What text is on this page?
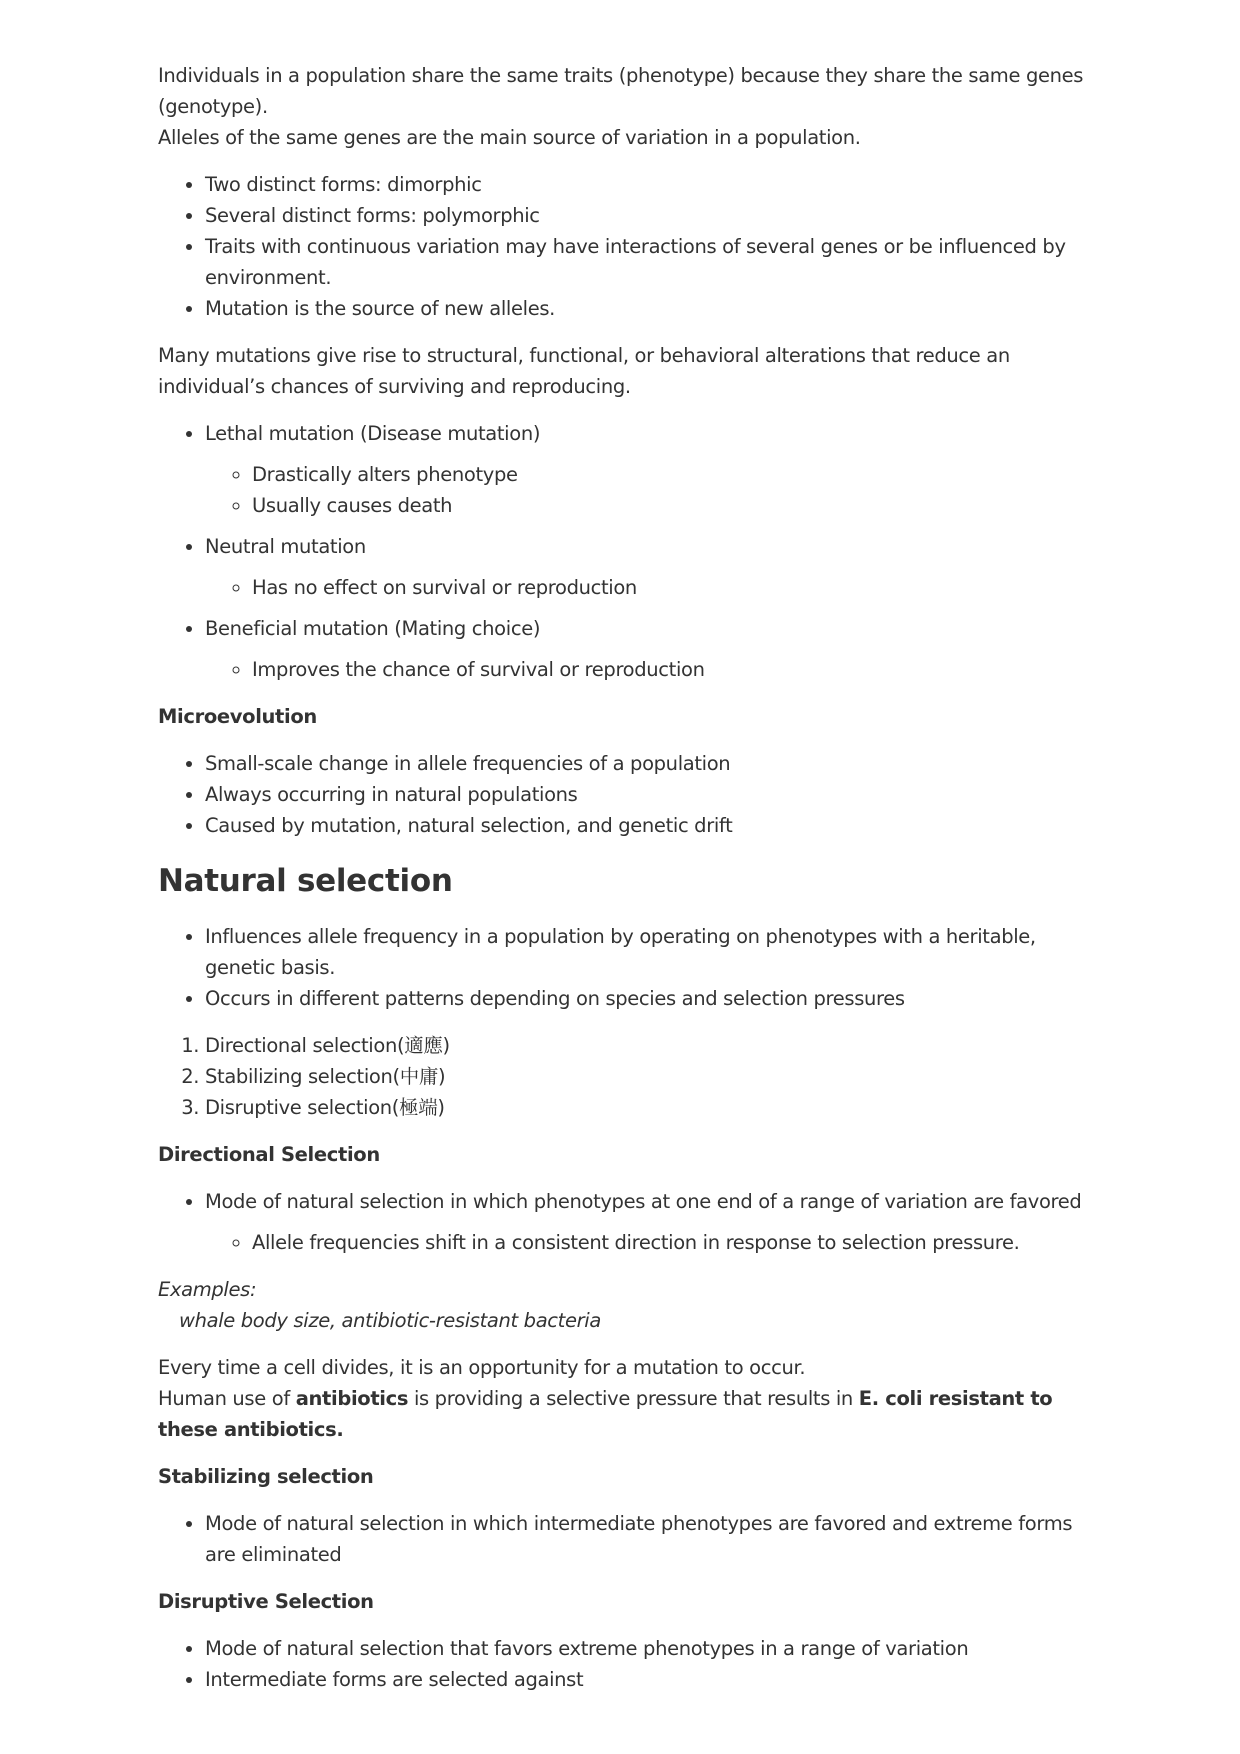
Individuals in a population share the same traits (phenotype) because they share the same genes (genotype).

Alleles of the same genes are the main source of variation in a population.

• Two distinct forms: dimorphic
• Several distinct forms: polymorphic
• Traits with continuous variation may have interactions of several genes or be influenced by environment.
• Mutation is the source of new alleles.

Many mutations give rise to structural, functional, or behavioral alterations that reduce an individual’s chances of surviving and reproducing.

• Lethal mutation (Disease mutation)
◦ Drastically alters phenotype
◦ Usually causes death
• Neutral mutation
◦ Has no effect on survival or reproduction
• Beneficial mutation (Mating choice)
◦ Improves the chance of survival or reproduction
Microevolution
• Small-scale change in allele frequencies of a population
• Always occurring in natural populations
• Caused by mutation, natural selection, and genetic drift
Natural selection
• Influences allele frequency in a population by operating on phenotypes with a heritable, genetic basis.
• Occurs in different patterns depending on species and selection pressures
1. Directional selection(適應)
2. Stabilizing selection(中庸)
3. Disruptive selection(極端)
Directional Selection
• Mode of natural selection in which phenotypes at one end of a range of variation are favored
◦ Allele frequencies shift in a consistent direction in response to selection pressure.

Examples:

whale body size, antibiotic-resistant bacteria

Every time a cell divides, it is an opportunity for a mutation to occur.

Human use of antibiotics is providing a selective pressure that results in E. coli resistant to these antibiotics.

Stabilizing selection
• Mode of natural selection in which intermediate phenotypes are favored and extreme forms are eliminated
Disruptive Selection
• Mode of natural selection that favors extreme phenotypes in a range of variation
• Intermediate forms are selected against
